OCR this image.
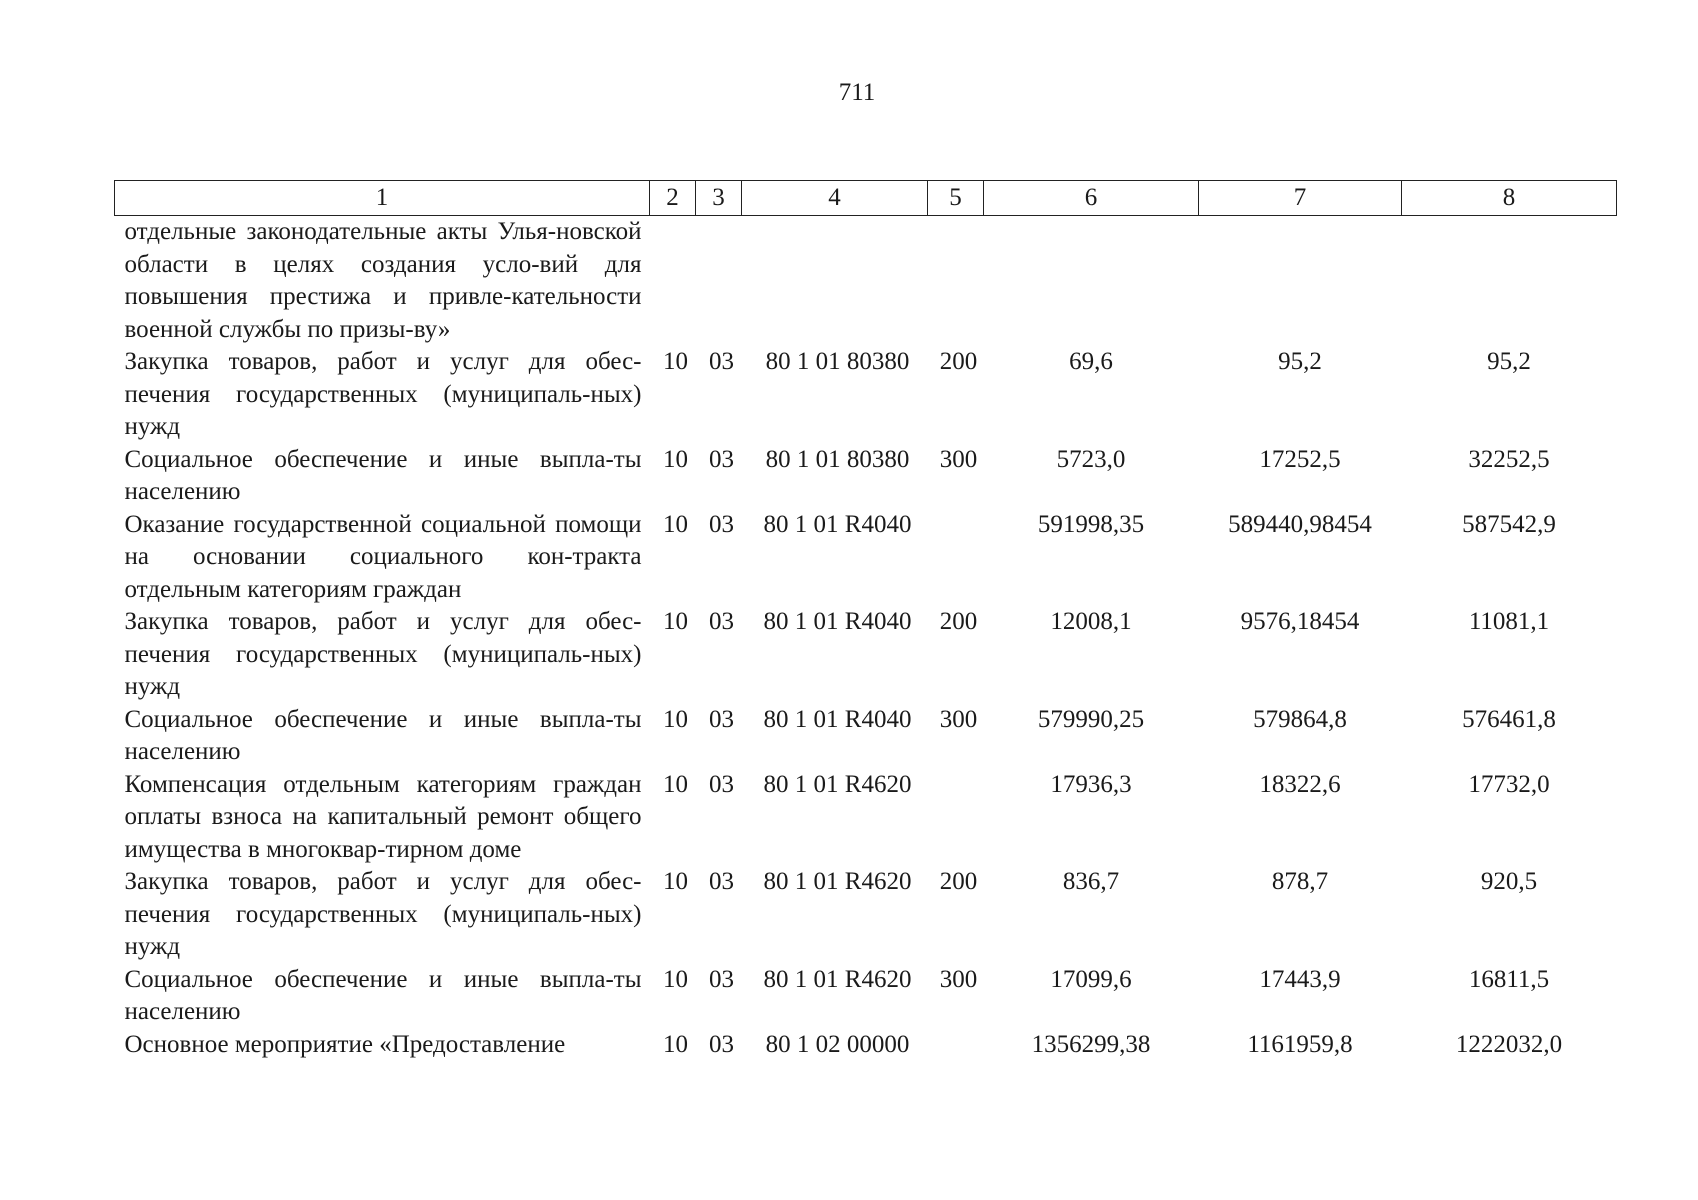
711
1	2	3	4	5	6	7	8
отдельные законодательные акты Улья-новской области в целях создания усло-вий для повышения престижа и привле-кательности военной службы по призы-ву»							
Закупка товаров, работ и услуг для обес-печения государственных (муниципаль-ных) нужд	10	03	80 1 01 80380	200	69,6	95,2	95,2
Социальное обеспечение и иные выпла-ты населению	10	03	80 1 01 80380	300	5723,0	17252,5	32252,5
Оказание государственной социальной помощи на основании социального кон-тракта отдельным категориям граждан	10	03	80 1 01 R4040		591998,35	589440,98454	587542,9
Закупка товаров, работ и услуг для обес-печения государственных (муниципаль-ных) нужд	10	03	80 1 01 R4040	200	12008,1	9576,18454	11081,1
Социальное обеспечение и иные выпла-ты населению	10	03	80 1 01 R4040	300	579990,25	579864,8	576461,8
Компенсация отдельным категориям граждан оплаты взноса на капитальный ремонт общего имущества в многоквар-тирном доме	10	03	80 1 01 R4620		17936,3	18322,6	17732,0
Закупка товаров, работ и услуг для обес-печения государственных (муниципаль-ных) нужд	10	03	80 1 01 R4620	200	836,7	878,7	920,5
Социальное обеспечение и иные выпла-ты населению	10	03	80 1 01 R4620	300	17099,6	17443,9	16811,5
Основное мероприятие «Предоставление	10	03	80 1 02 00000		1356299,38	1161959,8	1222032,0
